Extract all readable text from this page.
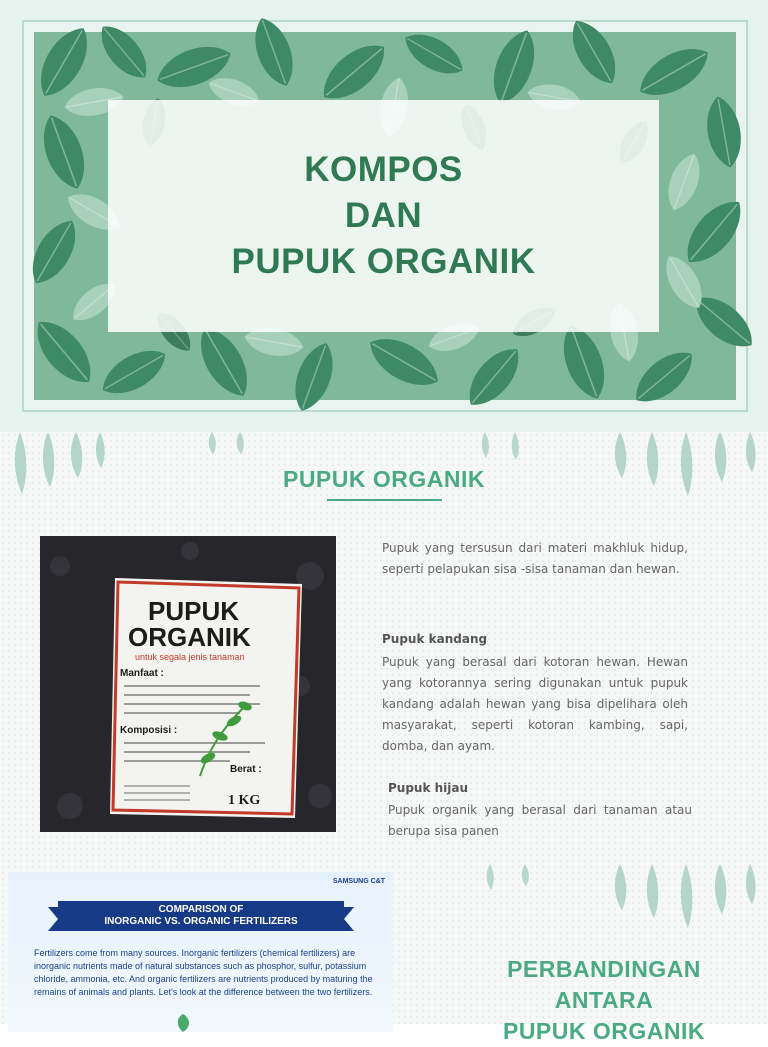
KOMPOS
DAN
PUPUK ORGANIK
PUPUK ORGANIK
PUPUK
ORGANIK
untuk segala jenis tanaman
Manfaat :
Komposisi :
Berat :
1 KG
Pupuk yang tersusun dari materi makhluk hidup, seperti pelapukan sisa -sisa tanaman dan hewan.
Pupuk kandang
Pupuk yang berasal dari kotoran hewan. Hewan yang kotorannya sering digunakan untuk pupuk kandang adalah hewan yang bisa dipelihara oleh masyarakat, seperti kotoran kambing, sapi, domba, dan ayam.
Pupuk hijau
Pupuk organik yang berasal dari tanaman atau berupa sisa panen
SAMSUNG C&T
COMPARISON OF
INORGANIC VS. ORGANIC FERTILIZERS
Fertilizers come from many sources. Inorganic fertilizers (chemical fertilizers) are inorganic nutrients made of natural substances such as phosphor, sulfur, potassium chloride, ammonia, etc. And organic fertilizers are nutrients produced by maturing the remains of animals and plants. Let's look at the difference between the two fertilizers.
PERBANDINGAN
ANTARA
PUPUK ORGANIK
